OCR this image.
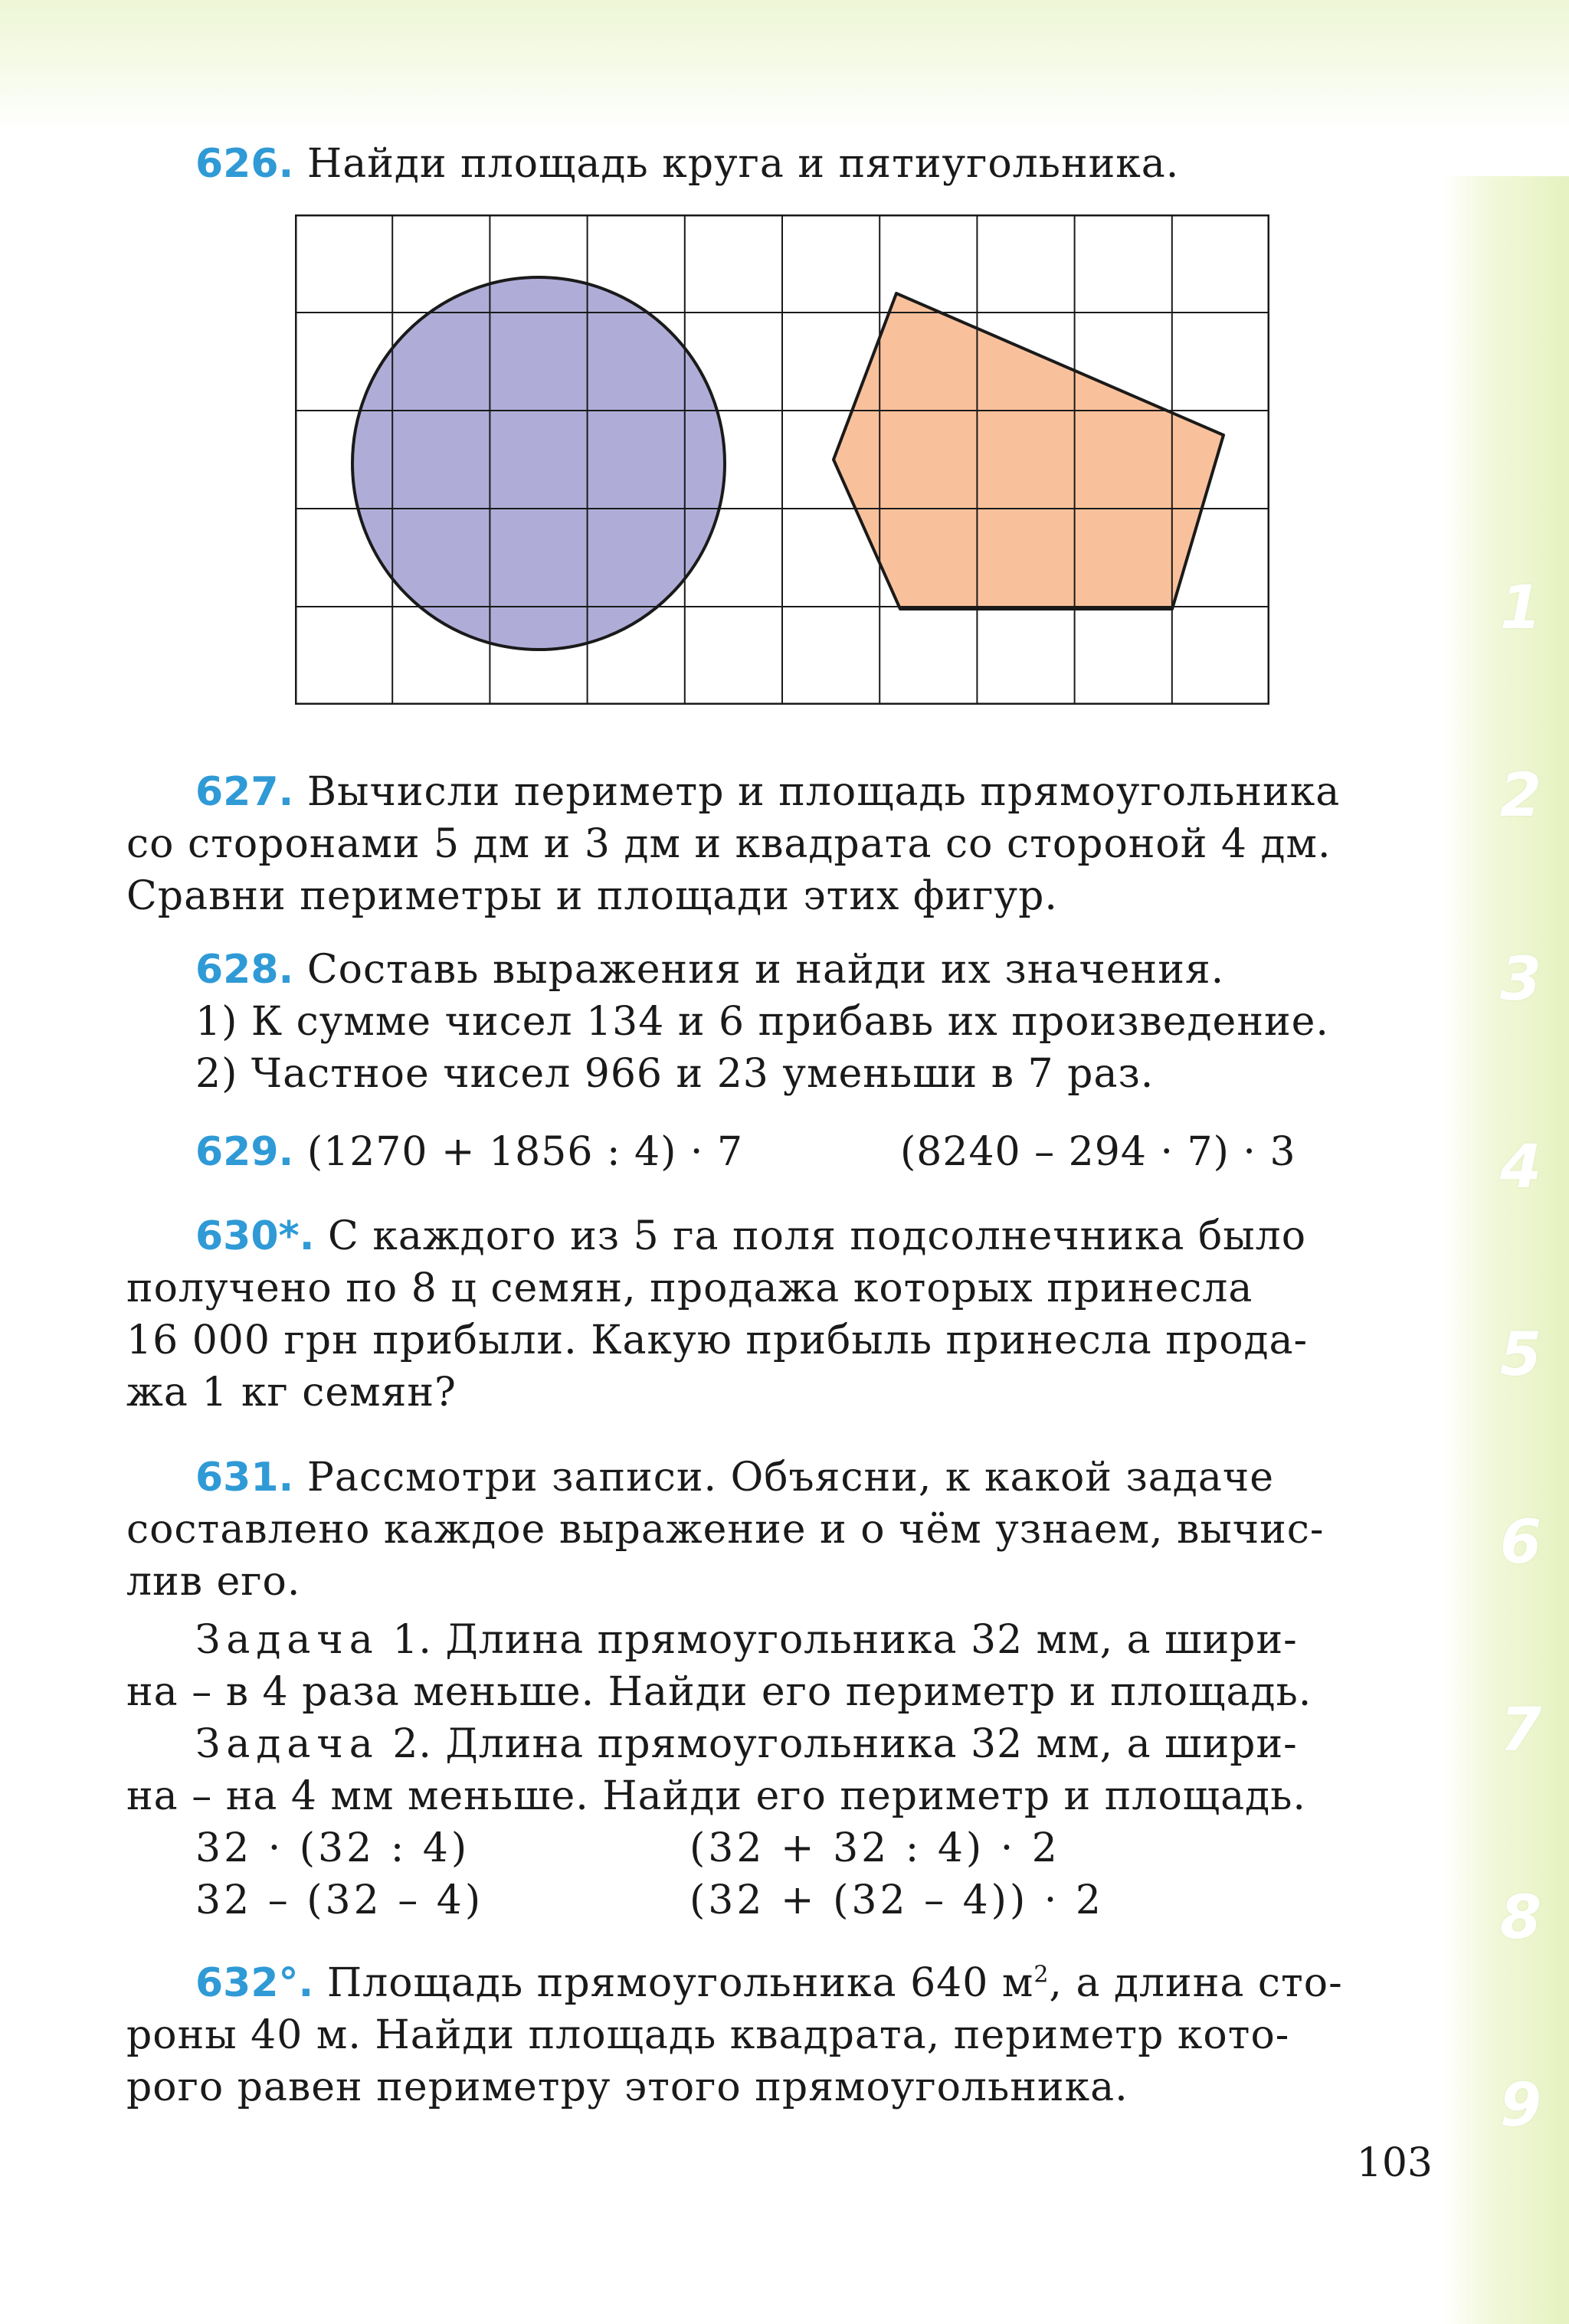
1
2
3
4
5
6
7
8
9
626. Найди площадь круга и пятиугольника.
627. Вычисли периметр и площадь прямоугольника
со сторонами 5 дм и 3 дм и квадрата со стороной 4 дм.
Сравни периметры и площади этих фигур.
628. Составь выражения и найди их значения.
1) К сумме чисел 134 и 6 прибавь их произведение.
2) Частное чисел 966 и 23 уменьши в 7 раз.
629. (1270 + 1856 : 4) · 7	(8240 – 294 · 7) · 3
630*. С каждого из 5 га поля подсолнечника было
получено по 8 ц семян, продажа которых принесла
16 000 грн прибыли. Какую прибыль принесла прода-
жа 1 кг семян?
631. Рассмотри записи. Объясни, к какой задаче
составлено каждое выражение и о чём узнаем, вычис-
лив его.
Задача 1. Длина прямоугольника 32 мм, а шири-
на – в 4 раза меньше. Найди его периметр и площадь.
Задача 2. Длина прямоугольника 32 мм, а шири-
на – на 4 мм меньше. Найди его периметр и площадь.
32 · (32 : 4)	(32 + 32 : 4) · 2
32 – (32 – 4)	(32 + (32 – 4)) · 2
632°. Площадь прямоугольника 640 $м^2$, а длина сто-
роны 40 м. Найди площадь квадрата, периметр кото-
рого равен периметру этого прямоугольника.
103
